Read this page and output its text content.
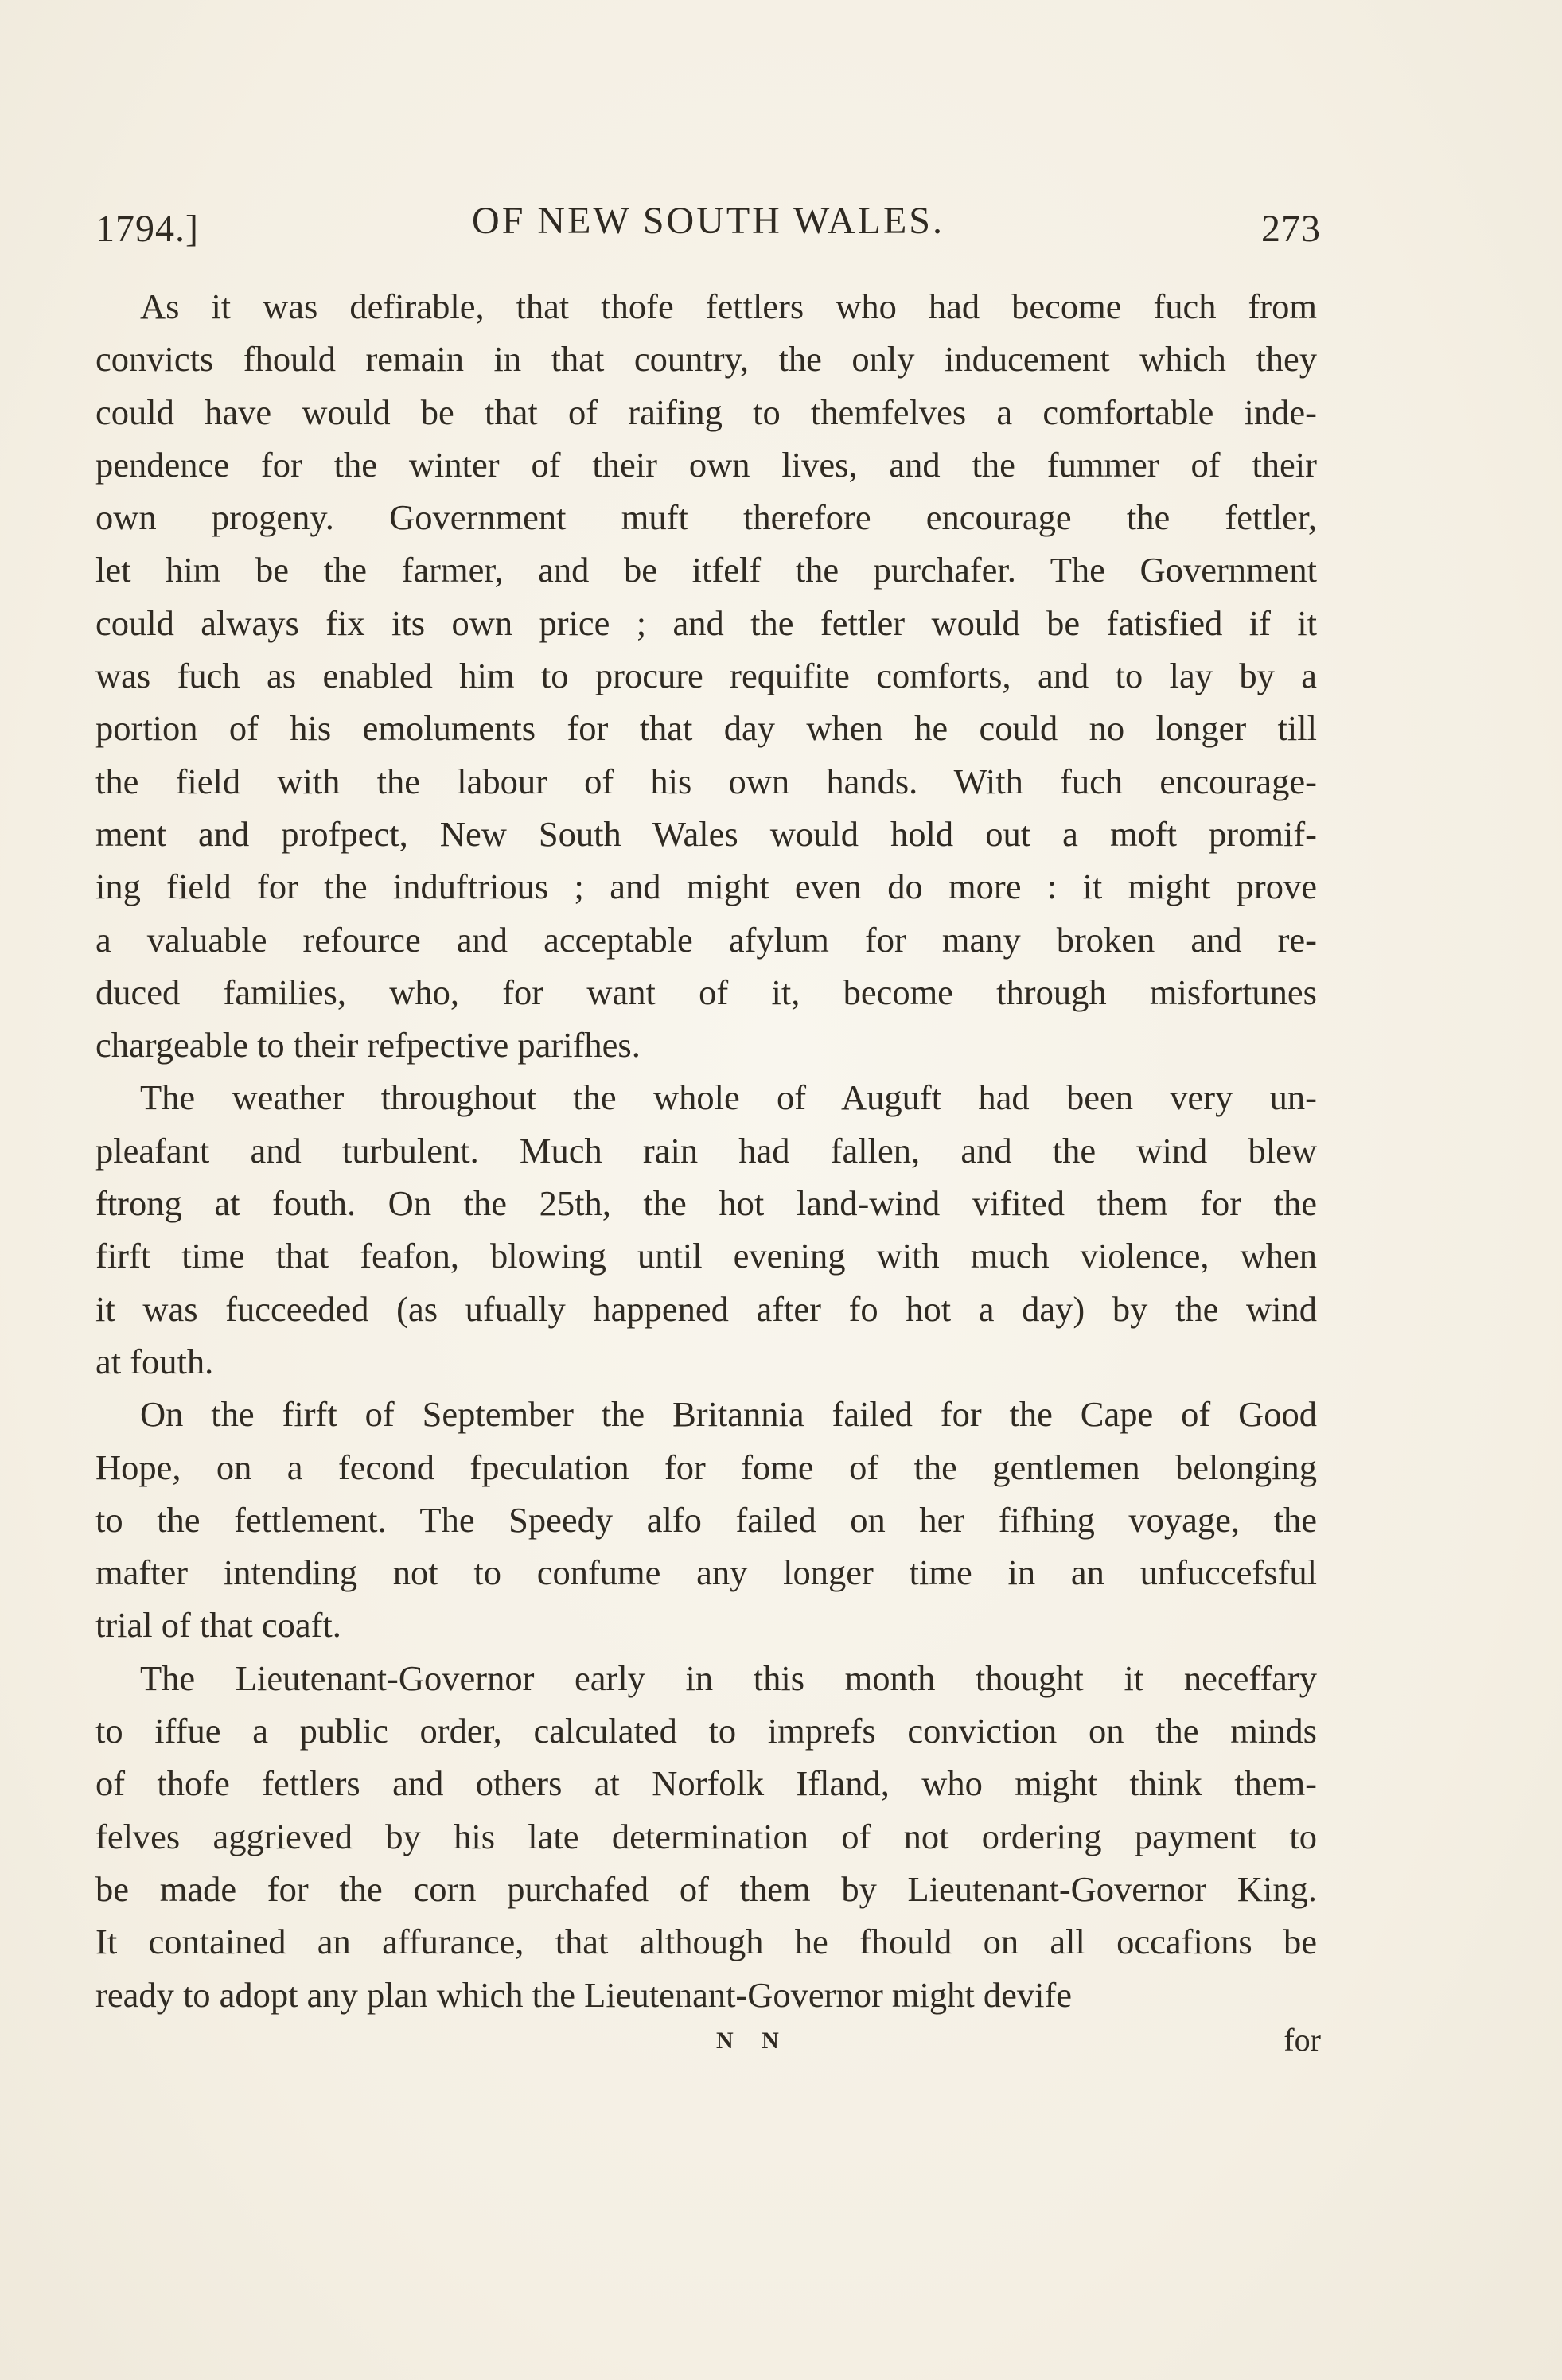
1794.]	OF NEW SOUTH WALES.	273
As it was defirable, that thofe fettlers who had become fuch from
convicts fhould remain in that country, the only inducement which they
could have would be that of raifing to themfelves a comfortable inde-
pendence for the winter of their own lives, and the fummer of their
own progeny. Government muft therefore encourage the fettler,
let him be the farmer, and be itfelf the purchafer. The Government
could always fix its own price ; and the fettler would be fatisfied if it
was fuch as enabled him to procure requifite comforts, and to lay by a
portion of his emoluments for that day when he could no longer till
the field with the labour of his own hands. With fuch encourage-
ment and profpect, New South Wales would hold out a moft promif-
ing field for the induftrious ; and might even do more : it might prove
a valuable refource and acceptable afylum for many broken and re-
duced families, who, for want of it, become through misfortunes
chargeable to their refpective parifhes.
The weather throughout the whole of Auguft had been very un-
pleafant and turbulent. Much rain had fallen, and the wind blew
ftrong at fouth. On the 25th, the hot land-wind vifited them for the
firft time that feafon, blowing until evening with much violence, when
it was fucceeded (as ufually happened after fo hot a day) by the wind
at fouth.
On the firft of September the Britannia failed for the Cape of Good
Hope, on a fecond fpeculation for fome of the gentlemen belonging
to the fettlement. The Speedy alfo failed on her fifhing voyage, the
mafter intending not to confume any longer time in an unfuccefsful
trial of that coaft.
The Lieutenant-Governor early in this month thought it neceffary
to iffue a public order, calculated to imprefs conviction on the minds
of thofe fettlers and others at Norfolk Ifland, who might think them-
felves aggrieved by his late determination of not ordering payment to
be made for the corn purchafed of them by Lieutenant-Governor King.
It contained an affurance, that although he fhould on all occafions be
ready to adopt any plan which the Lieutenant-Governor might devife
N N	for
